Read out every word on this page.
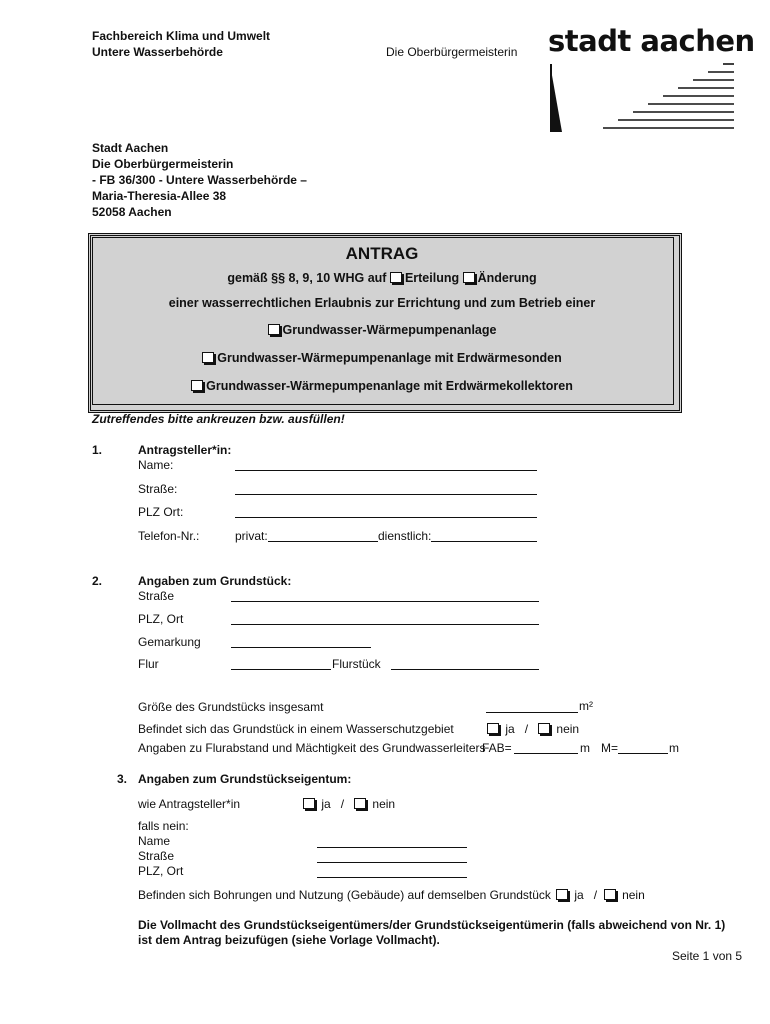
Fachbereich Klima und Umwelt
Untere Wasserbehörde	Die Oberbürgermeisterin stadt aachen
Stadt Aachen
Die Oberbürgermeisterin
- FB 36/300 - Untere Wasserbehörde –
Maria-Theresia-Allee 38
52058 Aachen
ANTRAG
gemäß §§ 8, 9, 10 WHG auf Erteilung Änderung
einer wasserrechtlichen Erlaubnis zur Errichtung und zum Betrieb einer
Grundwasser-Wärmepumpenanlage
Grundwasser-Wärmepumpenanlage mit Erdwärmesonden
Grundwasser-Wärmepumpenanlage mit Erdwärmekollektoren
Zutreffendes bitte ankreuzen bzw. ausfüllen!
1.	Antragsteller*in:
Name:
Straße:
PLZ Ort:
Telefon-Nr.:	privat:	dienstlich:
2.	Angaben zum Grundstück:
Straße
PLZ, Ort
Gemarkung
Flur	Flurstück
Größe des Grundstücks insgesamt	m²
Befindet sich das Grundstück in einem Wasserschutzgebiet	ja / nein
Angaben zu Flurabstand und Mächtigkeit des Grundwasserleiters
FAB=	m M=	m
3. Angaben zum Grundstückseigentum:
wie Antragsteller*in	ja / nein
falls nein:
Name
Straße
PLZ, Ort
Befinden sich Bohrungen und Nutzung (Gebäude) auf demselben Grundstück	ja / nein
Die Vollmacht des Grundstückseigentümers/der Grundstückseigentümerin (falls abweichend von Nr. 1)
ist dem Antrag beizufügen (siehe Vorlage Vollmacht).
Seite 1 von 5
